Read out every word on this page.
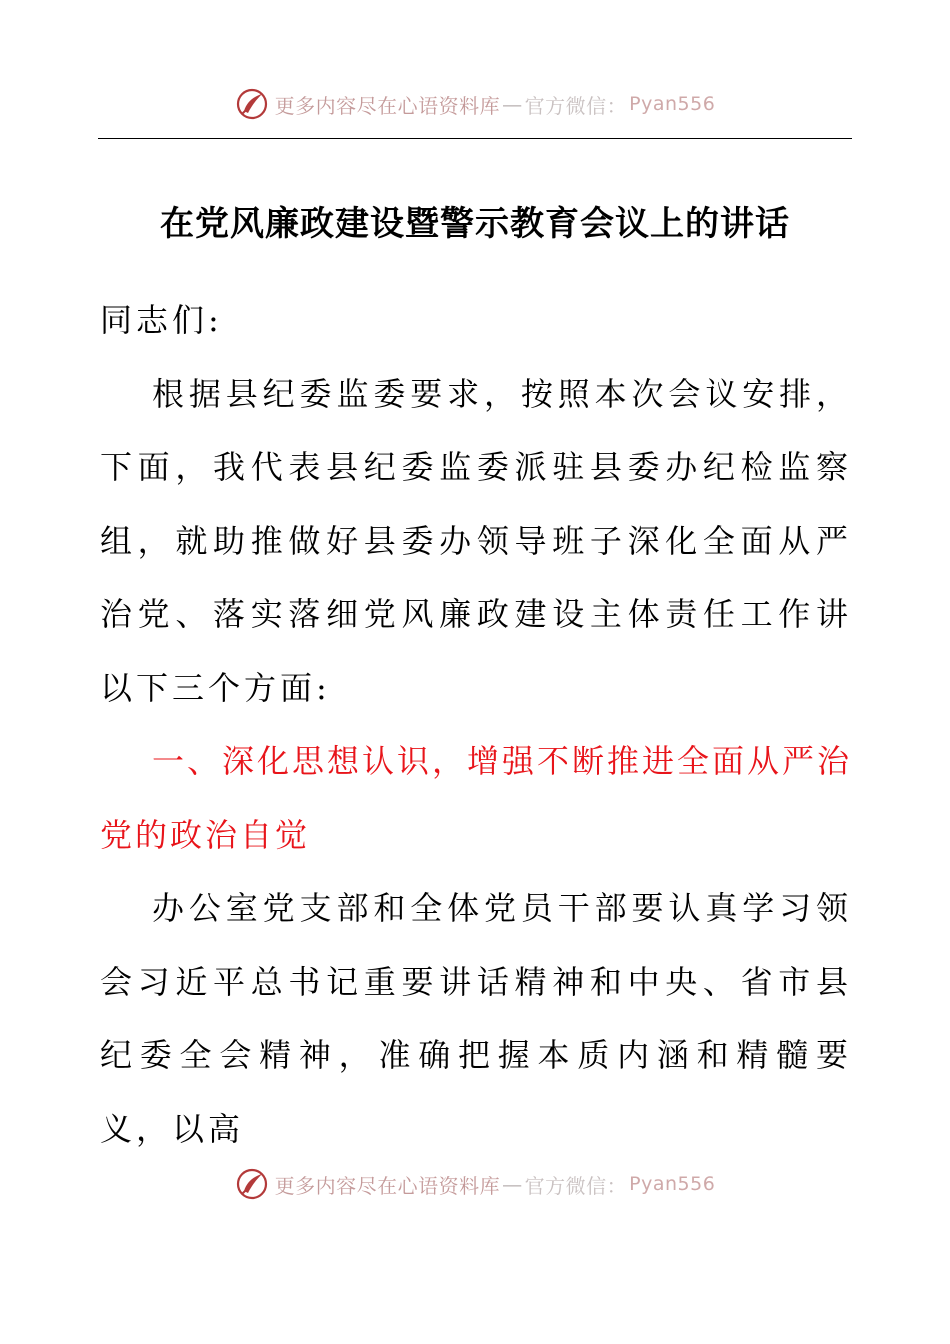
更多内容尽在心语资料库 — 官方微信： Pyan556
在党风廉政建设暨警示教育会议上的讲话

同志们:

根据县纪委监委要求，按照本次会议安排，下面，我代表县纪委监委派驻县委办纪检监察组，就助推做好县委办领导班子深化全面从严治党、落实落细党风廉政建设主体责任工作讲以下三个方面:

一、深化思想认识，增强不断推进全面从严治党的政治自觉

办公室党支部和全体党员干部要认真学习领会习近平总书记重要讲话精神和中央、省市县纪委全会精神，准确把握本质内涵和精髓要义，以高

更多内容尽在心语资料库 — 官方微信： Pyan556
